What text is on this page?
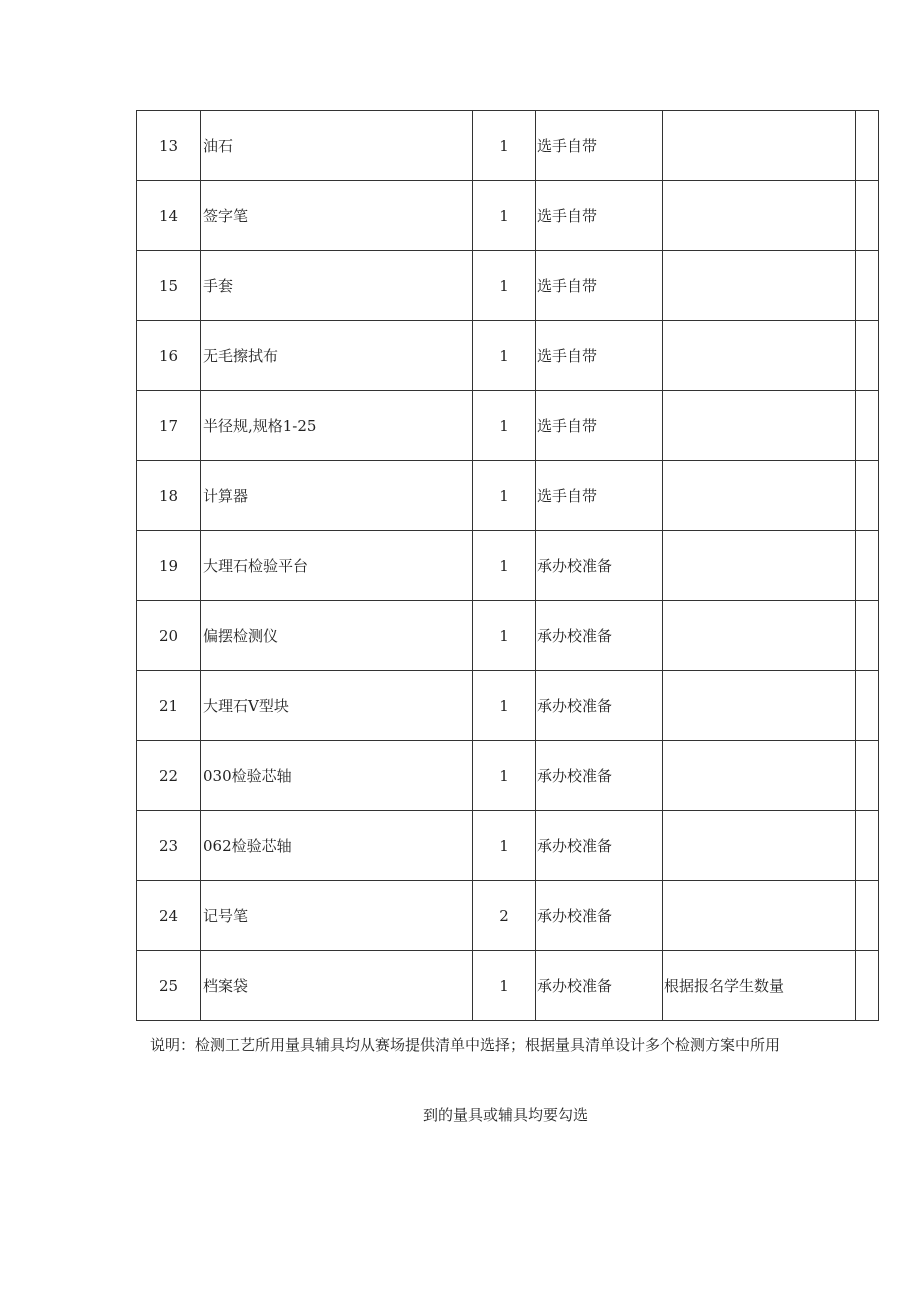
13	油石	1	选手自带		
14	签字笔	1	选手自带		
15	手套	1	选手自带		
16	无毛擦拭布	1	选手自带		
17	半径规,规格1-25	1	选手自带		
18	计算器	1	选手自带		
19	大理石检验平台	1	承办校准备		
20	偏摆检测仪	1	承办校准备		
21	大理石V型块	1	承办校准备		
22	030检验芯轴	1	承办校准备		
23	062检验芯轴	1	承办校准备		
24	记号笔	2	承办校准备		
25	档案袋	1	承办校准备	根据报名学生数量	
说明：检测工艺所用量具辅具均从赛场提供清单中选择；根据量具清单设计多个检测方案中所用
到的量具或辅具均要勾选
